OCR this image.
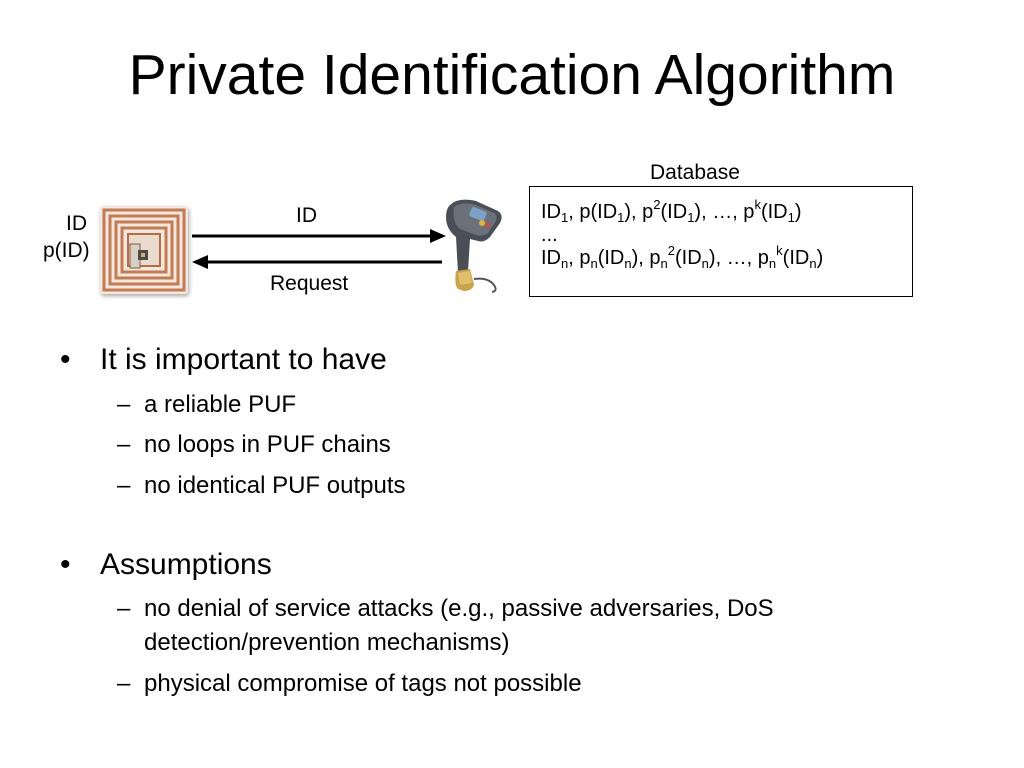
Private Identification Algorithm
ID
p(ID)
ID
Request
Database
$ID_1$, $p(ID_1)$, $p^2(ID_1)$, …, $p^k(ID_1)$
...
$ID_n$, $p_n(ID_n)$, $p_n^2(ID_n)$, …, $p_n^k(ID_n)$
• It is important to have
– a reliable PUF
– no loops in PUF chains
– no identical PUF outputs
• Assumptions
– no denial of service attacks (e.g., passive adversaries, DoS detection/prevention mechanisms)
– physical compromise of tags not possible
